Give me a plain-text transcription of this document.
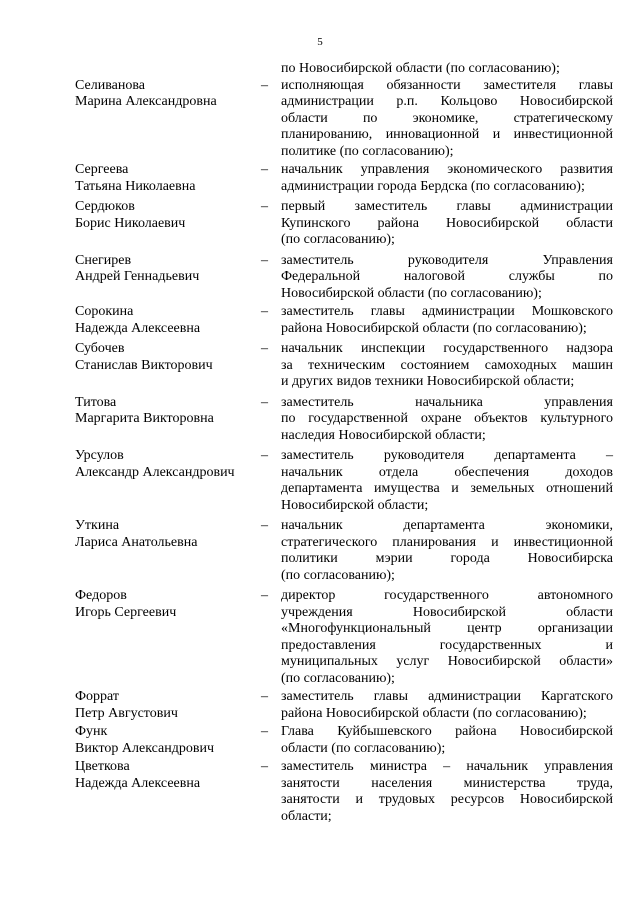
5
по Новосибирской области (по согласованию);
Селиванова
Марина Александровна
– исполняющая обязанности заместителя главы
администрации р.п. Кольцово Новосибирской
области по экономике, стратегическому
планированию, инновационной и инвестиционной
политике (по согласованию);
Сергеева
Татьяна Николаевна
– начальник управления экономического развития
администрации города Бердска (по согласованию);
Сердюков
Борис Николаевич
– первый заместитель главы администрации
Купинского района Новосибирской области
(по согласованию);
Снегирев
Андрей Геннадьевич
– заместитель руководителя Управления
Федеральной налоговой службы по
Новосибирской области (по согласованию);
Сорокина
Надежда Алексеевна
– заместитель главы администрации Мошковского
района Новосибирской области (по согласованию);
Субочев
Станислав Викторович
– начальник инспекции государственного надзора
за техническим состоянием самоходных машин
и других видов техники Новосибирской области;
Титова
Маргарита Викторовна
– заместитель начальника управления
по государственной охране объектов культурного
наследия Новосибирской области;
Урсулов
Александр Александрович
– заместитель руководителя департамента –
начальник отдела обеспечения доходов
департамента имущества и земельных отношений
Новосибирской области;
Уткина
Лариса Анатольевна
– начальник департамента экономики,
стратегического планирования и инвестиционной
политики мэрии города Новосибирска
(по согласованию);
Федоров
Игорь Сергеевич
– директор государственного автономного
учреждения Новосибирской области
«Многофункциональный центр организации
предоставления государственных и
муниципальных услуг Новосибирской области»
(по согласованию);
Форрат
Петр Августович
– заместитель главы администрации Каргатского
района Новосибирской области (по согласованию);
Функ
Виктор Александрович
– Глава Куйбышевского района Новосибирской
области (по согласованию);
Цветкова
Надежда Алексеевна
– заместитель министра – начальник управления
занятости населения министерства труда,
занятости и трудовых ресурсов Новосибирской
области;
